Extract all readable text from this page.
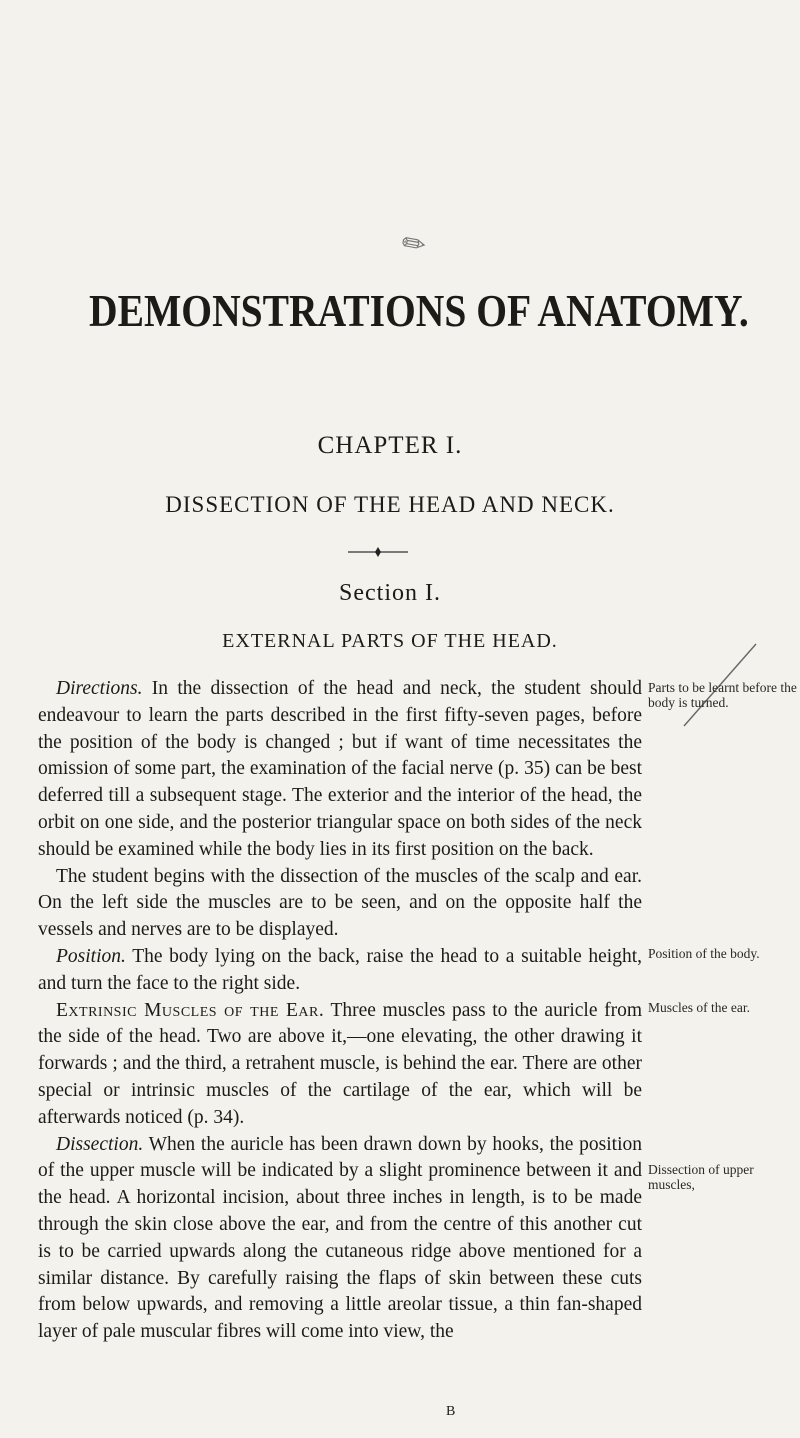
✎
DEMONSTRATIONS OF ANATOMY.
CHAPTER I.
DISSECTION OF THE HEAD AND NECK.
Section I.
EXTERNAL PARTS OF THE HEAD.

Directions. In the dissection of the head and neck, the student should endeavour to learn the parts described in the first fifty-seven pages, before the position of the body is changed ; but if want of time necessitates the omission of some part, the examination of the facial nerve (p. 35) can be best deferred till a subsequent stage. The exterior and the interior of the head, the orbit on one side, and the posterior triangular space on both sides of the neck should be examined while the body lies in its first position on the back.

The student begins with the dissection of the muscles of the scalp and ear. On the left side the muscles are to be seen, and on the opposite half the vessels and nerves are to be displayed.

Position. The body lying on the back, raise the head to a suitable height, and turn the face to the right side.

Extrinsic Muscles of the Ear. Three muscles pass to the auricle from the side of the head. Two are above it,—one elevating, the other drawing it forwards ; and the third, a retrahent muscle, is behind the ear. There are other special or intrinsic muscles of the cartilage of the ear, which will be afterwards noticed (p. 34).

Dissection. When the auricle has been drawn down by hooks, the position of the upper muscle will be indicated by a slight prominence between it and the head. A horizontal incision, about three inches in length, is to be made through the skin close above the ear, and from the centre of this another cut is to be carried upwards along the cutaneous ridge above mentioned for a similar distance. By carefully raising the flaps of skin between these cuts from below upwards, and removing a little areolar tissue, a thin fan-shaped layer of pale muscular fibres will come into view, the

Parts to be learnt before the body is turned.
Position of the body.
Muscles of the ear.
Dissection of upper muscles,
B
